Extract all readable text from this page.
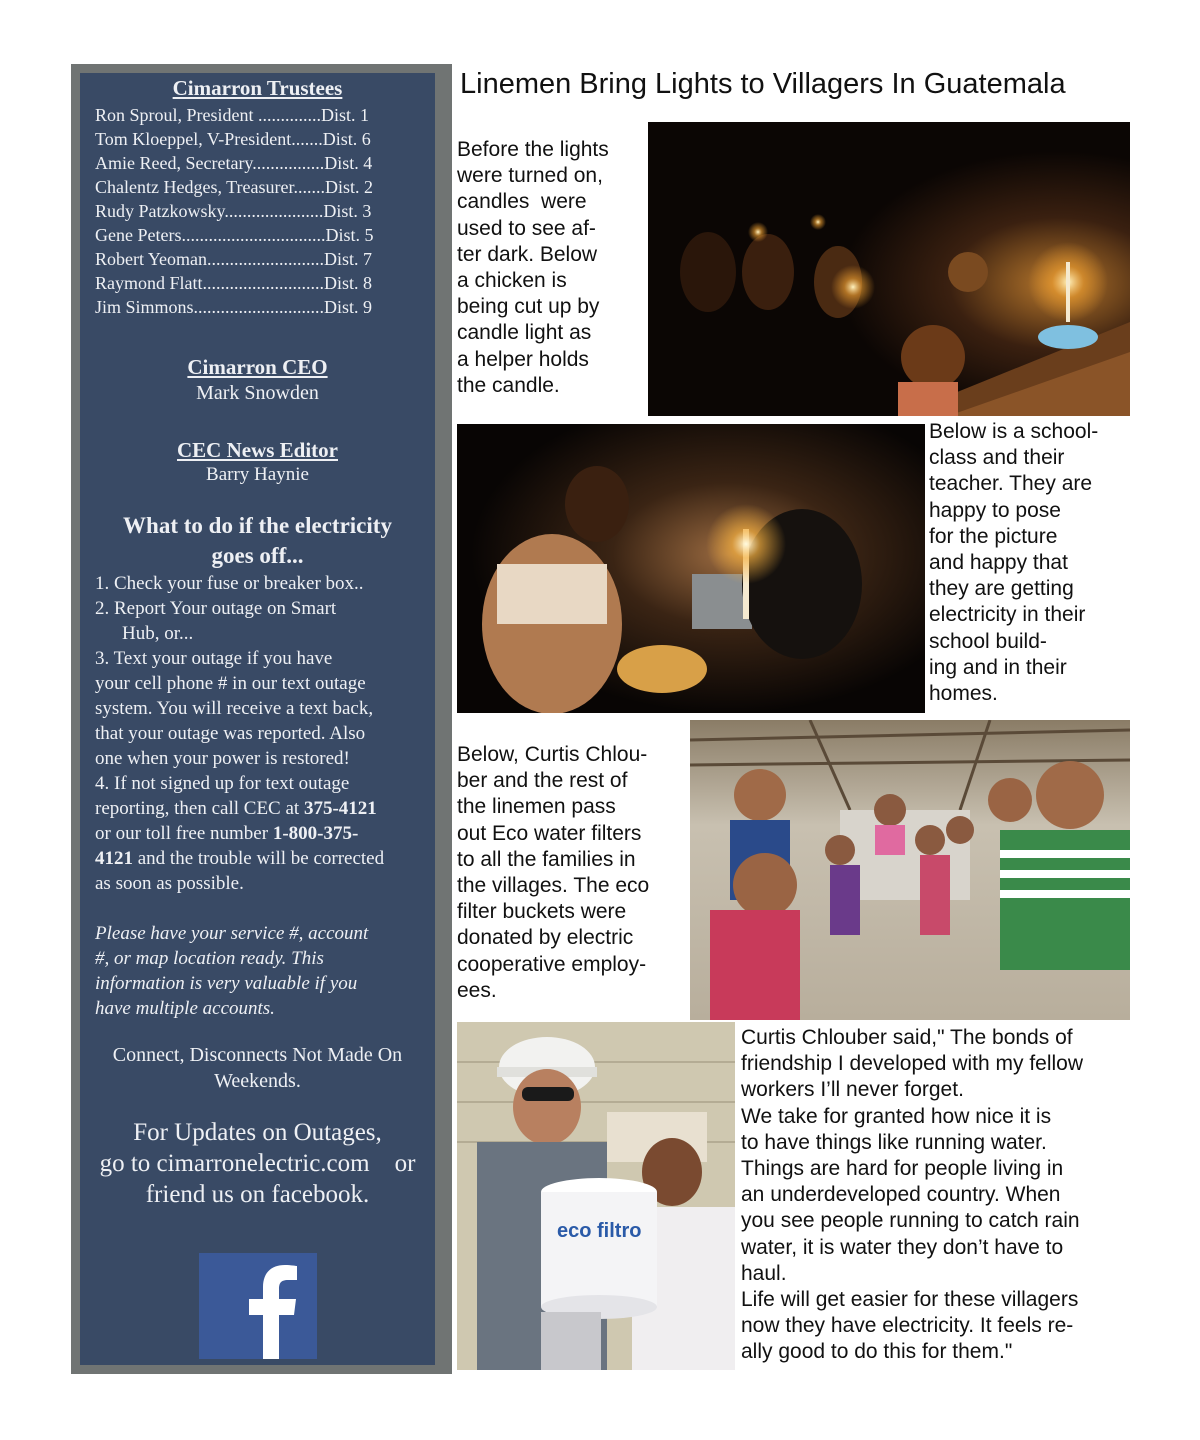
Cimarron Trustees
Ron Sproul, President ..............Dist. 1
Tom Kloeppel, V-President.......Dist. 6
Amie Reed, Secretary................Dist. 4
Chalentz Hedges, Treasurer.......Dist. 2
Rudy Patzkowsky......................Dist. 3
Gene Peters................................Dist. 5
Robert Yeoman..........................Dist. 7
Raymond Flatt...........................Dist. 8
Jim Simmons.............................Dist. 9
Cimarron CEO
Mark Snowden
CEC News Editor
Barry Haynie
What to do if the electricity
goes off...
1. Check your fuse or breaker box..
2. Report Your outage on Smart
Hub, or...
3. Text your outage if you have
your cell phone # in our text outage
system. You will receive a text back,
that your outage was reported. Also
one when your power is restored!
4. If not signed up for text outage
reporting, then call CEC at 375-4121
or our toll free number 1-800-375-
4121 and the trouble will be corrected
as soon as possible.
Please have your service #, account
#, or map location ready. This
information is very valuable if you
have multiple accounts.
Connect, Disconnects Not Made On
Weekends.
For Updates on Outages,
go to cimarronelectric.com    or
friend us on facebook.
Linemen Bring Lights to Villagers In Guatemala
Before the lights
were turned on,
candles  were
used to see af-
ter dark. Below
a chicken is
being cut up by
candle light as
a helper holds
the candle.
Below is a school-
class and their
teacher. They are
happy to pose
for the picture
and happy that
they are getting
electricity in their
school build-
ing and in their
homes.
Below, Curtis Chlou-
ber and the rest of
the linemen pass
out Eco water filters
to all the families in
the villages. The eco
filter buckets were
donated by electric
cooperative employ-
ees.
eco filtro
Curtis Chlouber said," The bonds of
friendship I developed with my fellow
workers I’ll never forget.
We take for granted how nice it is
to have things like running water.
Things are hard for people living in
an underdeveloped country. When
you see people running to catch rain
water, it is water they don’t have to
haul.
Life will get easier for these villagers
now they have electricity. It feels re-
ally good to do this for them."
